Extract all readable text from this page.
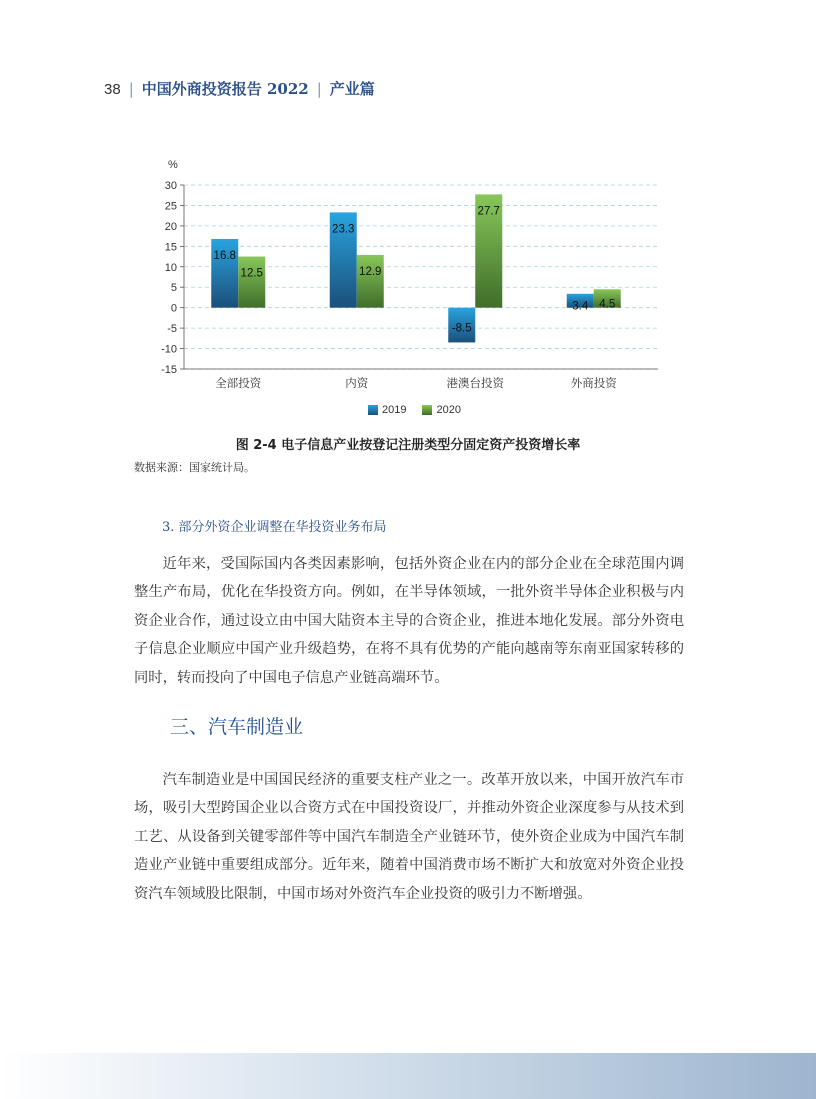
38 | 中国外商投资报告 2022 | 产业篇
%
30
25
20
15
10
5
0
-5
-10
-15
16.8
12.5
23.3
12.9
-8.5
27.7
3.4 4.5
全部投资	内资	港澳台投资	外商投资
2019	2020
图 2-4 电子信息产业按登记注册类型分固定资产投资增长率
数据来源：国家统计局。
3. 部分外资企业调整在华投资业务布局
近年来，受国际国内各类因素影响，包括外资企业在内的部分企业在全球范围内调整生产布局，优化在华投资方向。例如，在半导体领域，一批外资半导体企业积极与内资企业合作，通过设立由中国大陆资本主导的合资企业，推进本地化发展。部分外资电子信息企业顺应中国产业升级趋势，在将不具有优势的产能向越南等东南亚国家转移的同时，转而投向了中国电子信息产业链高端环节。
三、汽车制造业
汽车制造业是中国国民经济的重要支柱产业之一。改革开放以来，中国开放汽车市场，吸引大型跨国企业以合资方式在中国投资设厂，并推动外资企业深度参与从技术到工艺、从设备到关键零部件等中国汽车制造全产业链环节，使外资企业成为中国汽车制造业产业链中重要组成部分。近年来，随着中国消费市场不断扩大和放宽对外资企业投资汽车领域股比限制，中国市场对外资汽车企业投资的吸引力不断增强。
